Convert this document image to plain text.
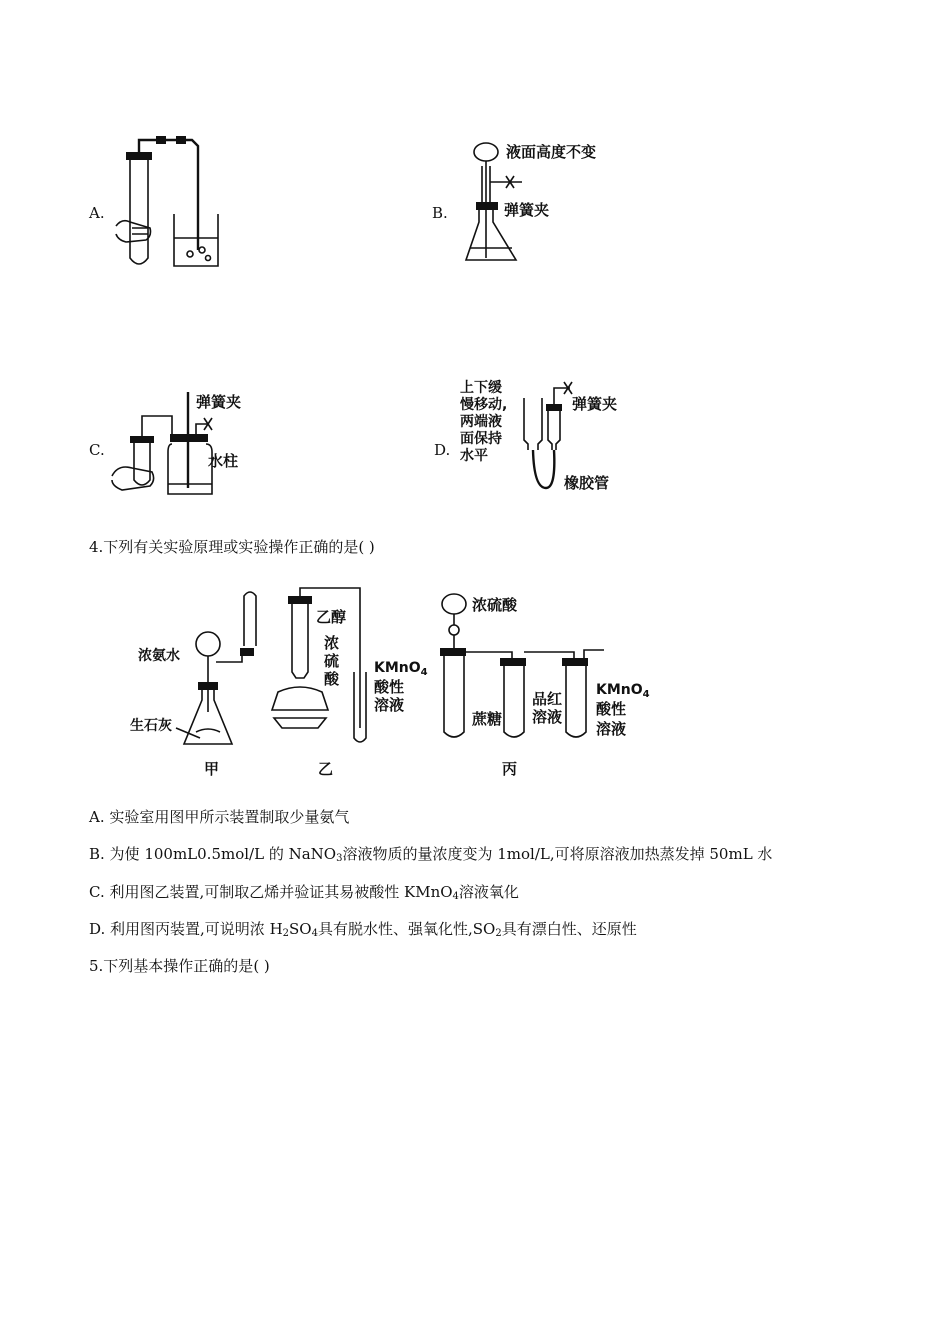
A.	B.
液面高度不变
弹簧夹
C.
弹簧夹
水柱
D.
上下缓
慢移动,
两端液
面保持
水平
弹簧夹
橡胶管
4.下列有关实验原理或实验操作正确的是( )
浓氨水
生石灰
甲
乙醇
浓
硫
酸
KMnO$_4$
酸性
溶液
乙
浓硫酸
蔗糖
品红
溶液
KMnO$_4$
酸性
溶液
丙
A. 实验室用图甲所示装置制取少量氨气
B. 为使 100mL0.5mol/L 的 NaNO$_3$溶液物质的量浓度变为 1mol/L,可将原溶液加热蒸发掉 50mL 水
C. 利用图乙装置,可制取乙烯并验证其易被酸性 KMnO$_4$溶液氧化
D. 利用图丙装置,可说明浓 $H_2SO_4$具有脱水性、强氧化性$,SO_2$具有漂白性、还原性
5.下列基本操作正确的是( )
